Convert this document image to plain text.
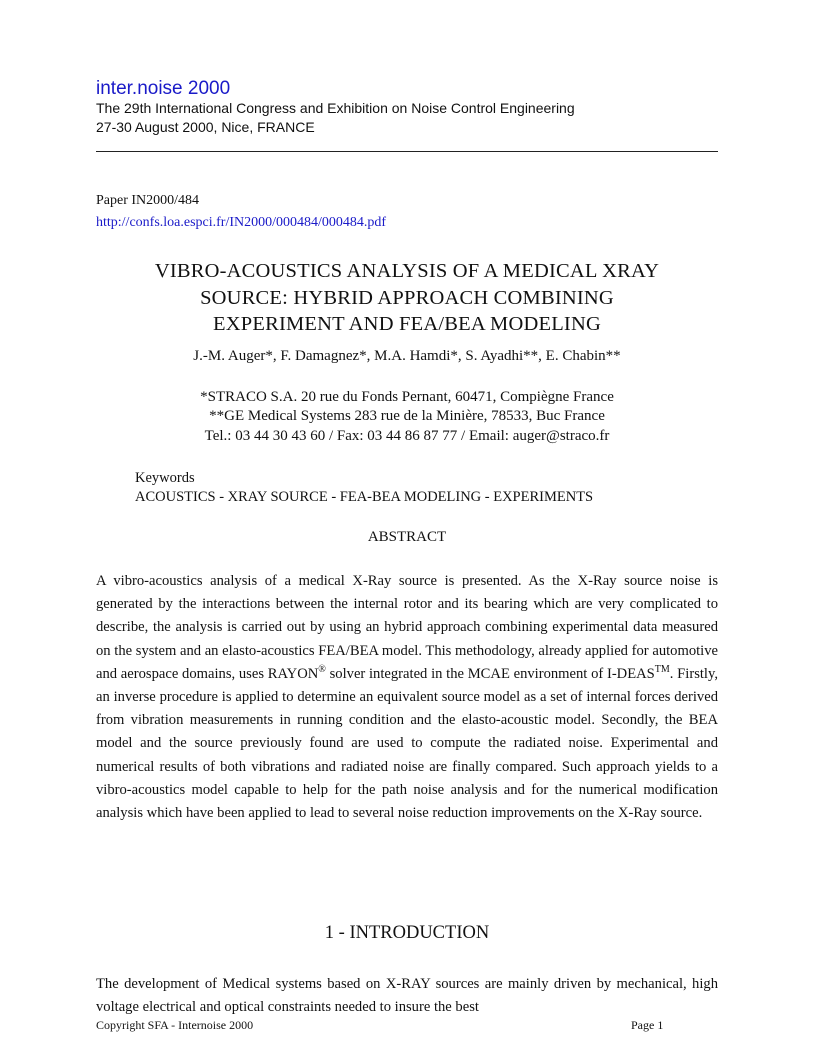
inter.noise 2000
The 29th International Congress and Exhibition on Noise Control Engineering
27-30 August 2000, Nice, FRANCE
Paper IN2000/484
http://confs.loa.espci.fr/IN2000/000484/000484.pdf
VIBRO-ACOUSTICS ANALYSIS OF A MEDICAL XRAY
SOURCE: HYBRID APPROACH COMBINING
EXPERIMENT AND FEA/BEA MODELING
J.-M. Auger*, F. Damagnez*, M.A. Hamdi*, S. Ayadhi**, E. Chabin**
*STRACO S.A. 20 rue du Fonds Pernant, 60471, Compiègne France
**GE Medical Systems 283 rue de la Minière, 78533, Buc France
Tel.: 03 44 30 43 60 / Fax: 03 44 86 87 77 / Email: auger@straco.fr
Keywords
ACOUSTICS - XRAY SOURCE - FEA-BEA MODELING - EXPERIMENTS
ABSTRACT

A vibro-acoustics analysis of a medical X-Ray source is presented. As the X-Ray source noise is generated by the interactions between the internal rotor and its bearing which are very complicated to describe, the analysis is carried out by using an hybrid approach combining experimental data measured on the system and an elasto-acoustics FEA/BEA model. This methodology, already applied for automotive and aerospace domains, uses RAYON® solver integrated in the MCAE environment of I-DEAS™. Firstly, an inverse procedure is applied to determine an equivalent source model as a set of internal forces derived from vibration measurements in running condition and the elasto-acoustic model. Secondly, the BEA model and the source previously found are used to compute the radiated noise. Experimental and numerical results of both vibrations and radiated noise are finally compared. Such approach yields to a vibro-acoustics model capable to help for the path noise analysis and for the numerical modification analysis which have been applied to lead to several noise reduction improvements on the X-Ray source.

1 - INTRODUCTION

The development of Medical systems based on X-RAY sources are mainly driven by mechanical, high voltage electrical and optical constraints needed to insure the best

Copyright SFA - Internoise 2000	Page 1
